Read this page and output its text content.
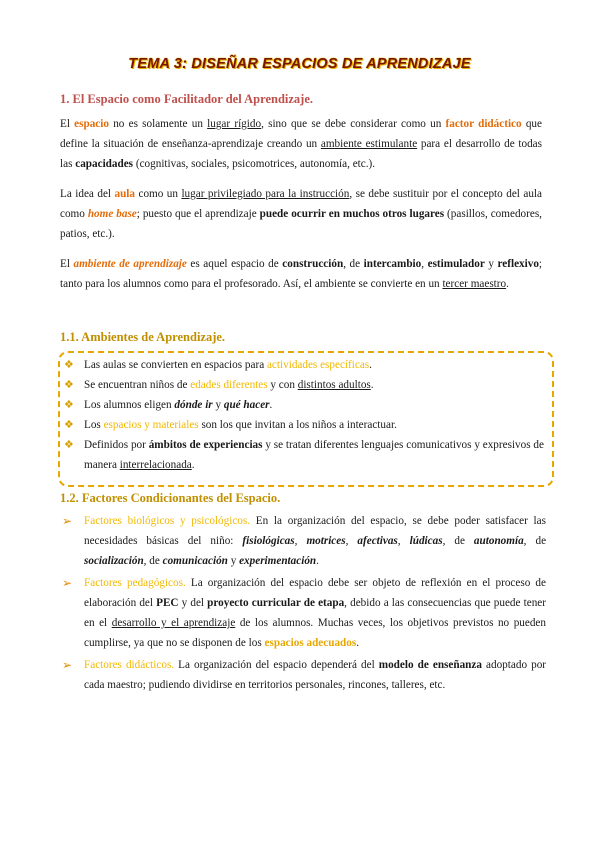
TEMA 3: DISEÑAR ESPACIOS DE APRENDIZAJE
1. El Espacio como Facilitador del Aprendizaje.

El espacio no es solamente un lugar rígido, sino que se debe considerar como un factor didáctico que define la situación de enseñanza-aprendizaje creando un ambiente estimulante para el desarrollo de todas las capacidades (cognitivas, sociales, psicomotrices, autonomía, etc.).

La idea del aula como un lugar privilegiado para la instrucción, se debe sustituir por el concepto del aula como home base; puesto que el aprendizaje puede ocurrir en muchos otros lugares (pasillos, comedores, patios, etc.).

El ambiente de aprendizaje es aquel espacio de construcción, de intercambio, estimulador y reflexivo; tanto para los alumnos como para el profesorado. Así, el ambiente se convierte en un tercer maestro.

1.1. Ambientes de Aprendizaje.
❖ Las aulas se convierten en espacios para actividades específicas.
❖ Se encuentran niños de edades diferentes y con distintos adultos.
❖ Los alumnos eligen dónde ir y qué hacer.
❖ Los espacios y materiales son los que invitan a los niños a interactuar.
❖ Definidos por ámbitos de experiencias y se tratan diferentes lenguajes comunicativos y expresivos de manera interrelacionada.
1.2. Factores Condicionantes del Espacio.
➢ Factores biológicos y psicológicos. En la organización del espacio, se debe poder satisfacer las necesidades básicas del niño: fisiológicas, motrices, afectivas, lúdicas, de autonomía, de socialización, de comunicación y experimentación.
➢ Factores pedagógicos. La organización del espacio debe ser objeto de reflexión en el proceso de elaboración del PEC y del proyecto curricular de etapa, debido a las consecuencias que puede tener en el desarrollo y el aprendizaje de los alumnos. Muchas veces, los objetivos previstos no pueden cumplirse, ya que no se disponen de los espacios adecuados.
➢ Factores didácticos. La organización del espacio dependerá del modelo de enseñanza adoptado por cada maestro; pudiendo dividirse en territorios personales, rincones, talleres, etc.
